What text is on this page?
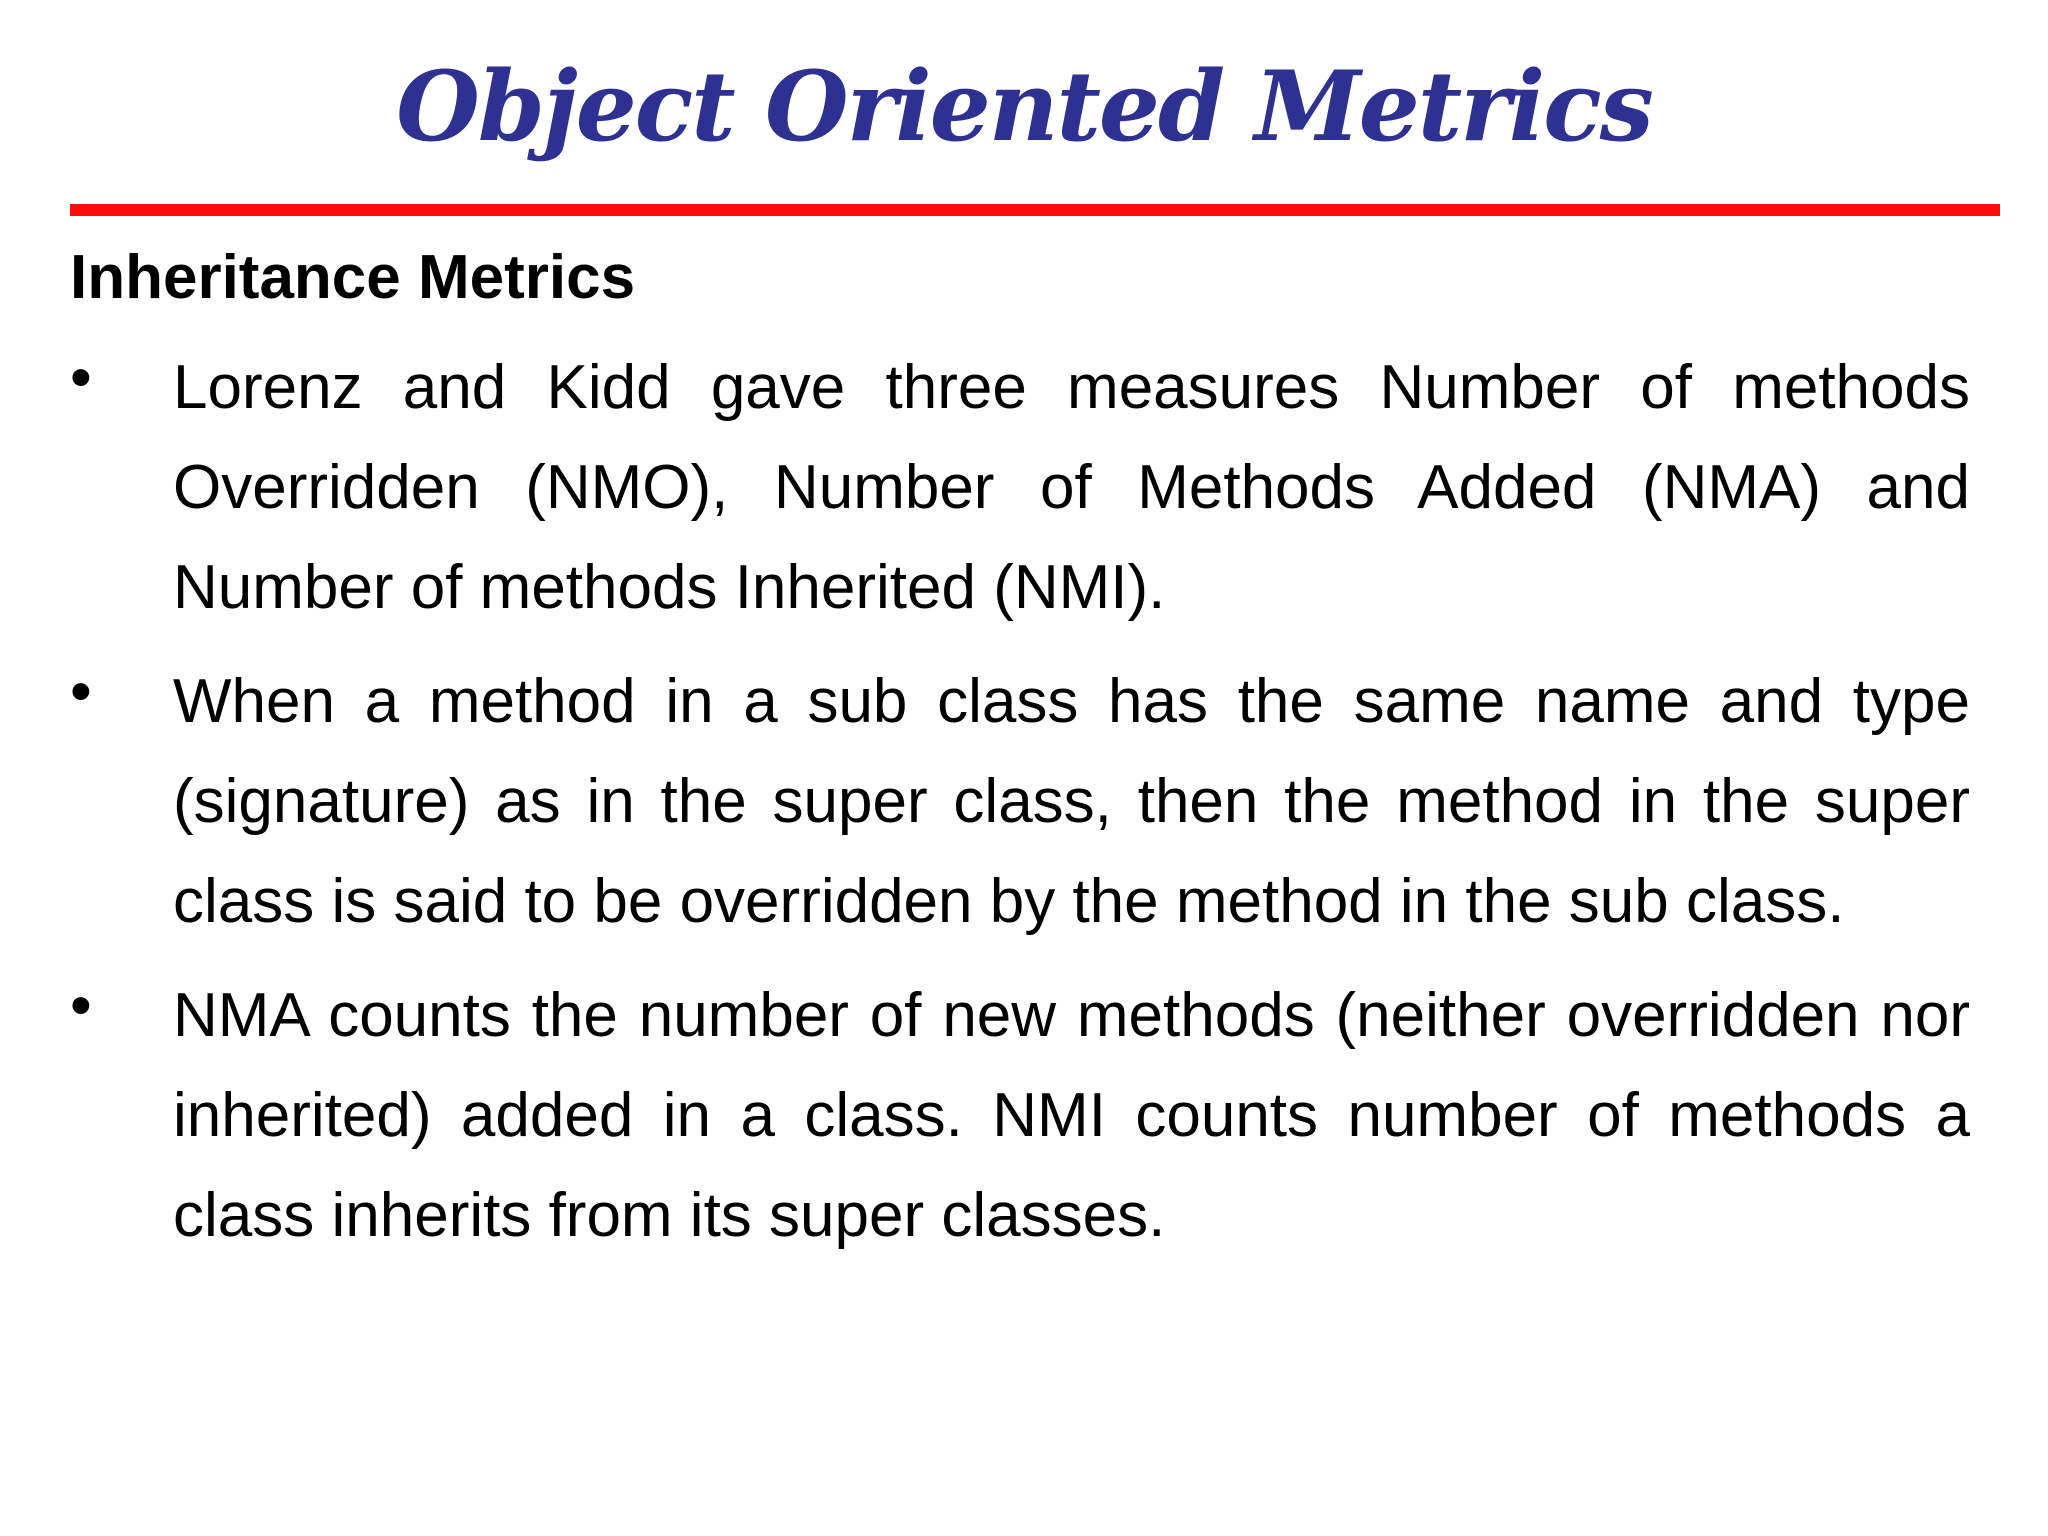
Object Oriented Metrics
Inheritance Metrics
• Lorenz and Kidd gave three measures Number of methods Overridden (NMO), Number of Methods Added (NMA) and Number of methods Inherited (NMI).
• When a method in a sub class has the same name and type (signature) as in the super class, then the method in the super class is said to be overridden by the method in the sub class.
• NMA counts the number of new methods (neither overridden nor inherited) added in a class. NMI counts number of methods a class inherits from its super classes.
